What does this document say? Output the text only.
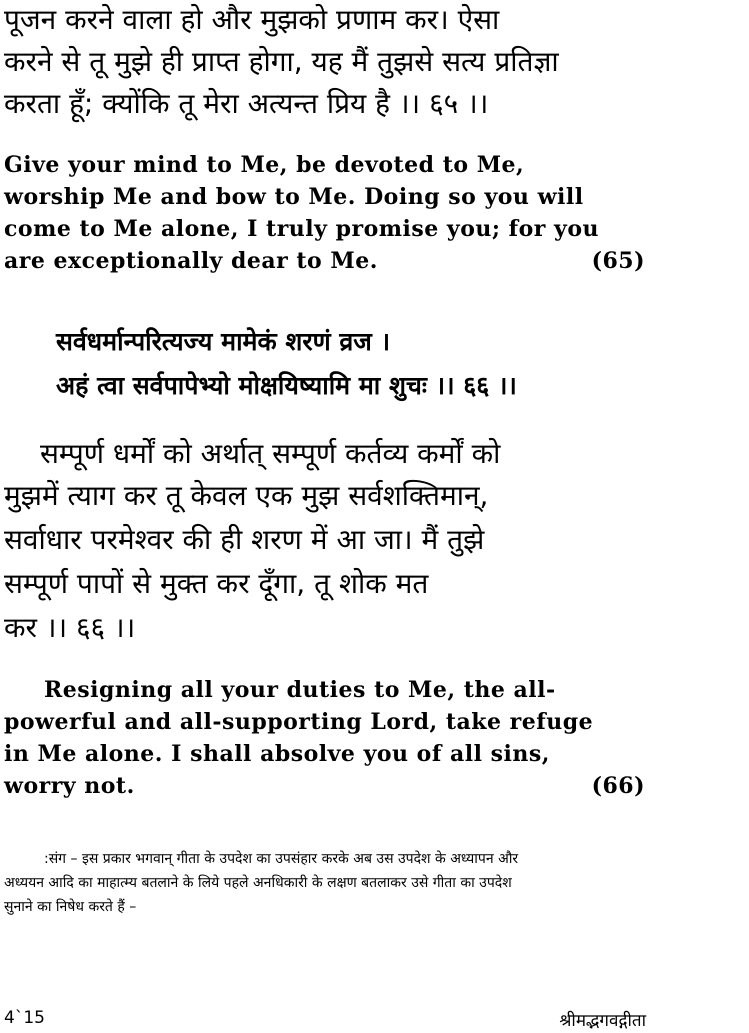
पूजन करने वाला हो और मुझको प्रणाम कर। ऐसा
करने से तू मुझे ही प्राप्त होगा, यह मैं तुझसे सत्य प्रतिज्ञा
करता हूँ; क्योंकि तू मेरा अत्यन्त प्रिय है ।। ६५ ।।
Give your mind to Me, be devoted to Me,
worship Me and bow to Me. Doing so you will
come to Me alone, I truly promise you; for you
are exceptionally dear to Me.	(65)
सर्वधर्मान्परित्यज्य मामेकं शरणं व्रज ।
अहं त्वा सर्वपापेभ्यो मोक्षयिष्यामि मा शुचः ।। ६६ ।।
सम्पूर्ण धर्मों को अर्थात् सम्पूर्ण कर्तव्य कर्मों को
मुझमें त्याग कर तू केवल एक मुझ सर्वशक्तिमान्,
सर्वाधार परमेश्वर की ही शरण में आ जा। मैं तुझे
सम्पूर्ण पापों से मुक्त कर दूँगा, तू शोक मत
कर ।। ६६ ।।
Resigning all your duties to Me, the all-
powerful and all-supporting Lord, take refuge
in Me alone. I shall absolve you of all sins,
worry not.	(66)
:संग – इस प्रकार भगवान् गीता के उपदेश का उपसंहार करके अब उस उपदेश के अध्यापन और
अध्ययन आदि का माहात्म्य बतलाने के लिये पहले अनधिकारी के लक्षण बतलाकर उसे गीता का उपदेश
सुनाने का निषेध करते हैं –
4`15	श्रीमद्भगवद्गीता
